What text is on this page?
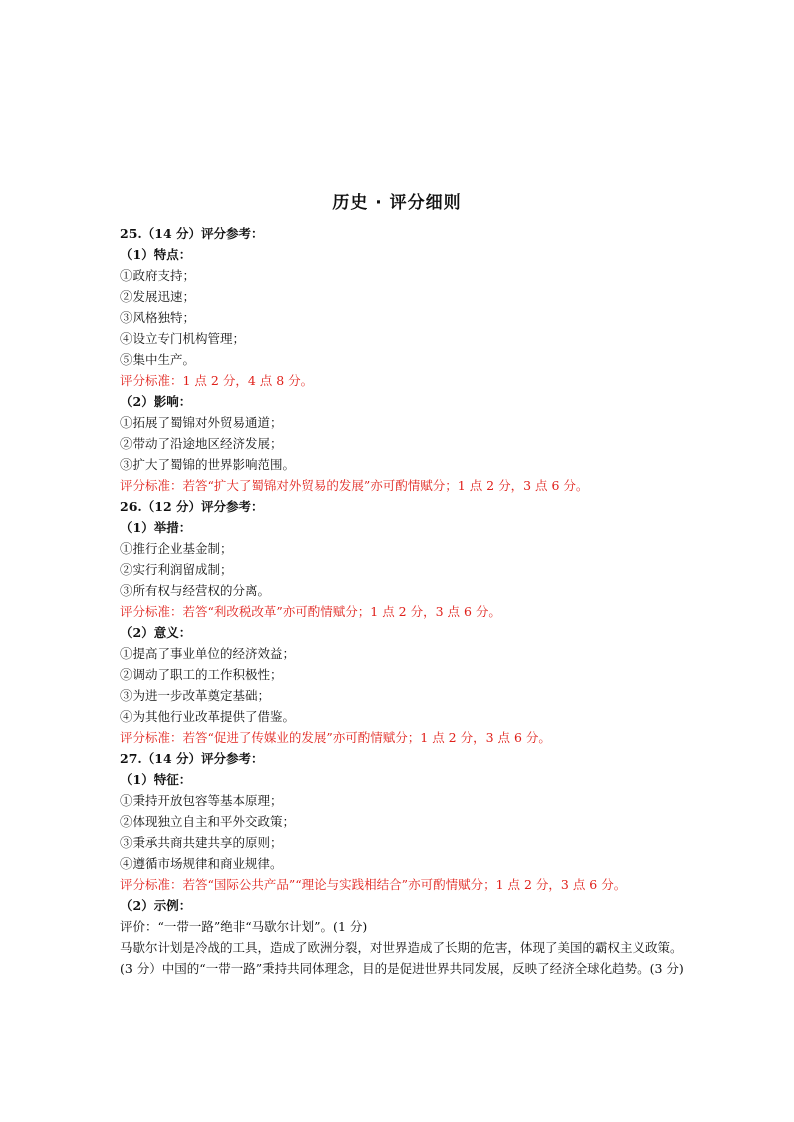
历史 · 评分细则
25.（14 分）评分参考：
（1）特点：
①政府支持；
②发展迅速；
③风格独特；
④设立专门机构管理；
⑤集中生产。
评分标准：1 点 2 分，4 点 8 分。
（2）影响：
①拓展了蜀锦对外贸易通道；
②带动了沿途地区经济发展；
③扩大了蜀锦的世界影响范围。
评分标准：若答“扩大了蜀锦对外贸易的发展”亦可酌情赋分；1 点 2 分，3 点 6 分。
26.（12 分）评分参考：
（1）举措：
①推行企业基金制；
②实行利润留成制；
③所有权与经营权的分离。
评分标准：若答“利改税改革”亦可酌情赋分；1 点 2 分，3 点 6 分。
（2）意义：
①提高了事业单位的经济效益；
②调动了职工的工作积极性；
③为进一步改革奠定基础；
④为其他行业改革提供了借鉴。
评分标准：若答“促进了传媒业的发展”亦可酌情赋分；1 点 2 分，3 点 6 分。
27.（14 分）评分参考：
（1）特征：
①秉持开放包容等基本原理；
②体现独立自主和平外交政策；
③秉承共商共建共享的原则；
④遵循市场规律和商业规律。
评分标准：若答“国际公共产品”“理论与实践相结合”亦可酌情赋分；1 点 2 分，3 点 6 分。
（2）示例：
评价：“一带一路”绝非“马歇尔计划”。(1 分)
马歇尔计划是冷战的工具，造成了欧洲分裂，对世界造成了长期的危害，体现了美国的霸权主义政策。(3 分）中国的“一带一路”秉持共同体理念，目的是促进世界共同发展，反映了经济全球化趋势。(3 分)
